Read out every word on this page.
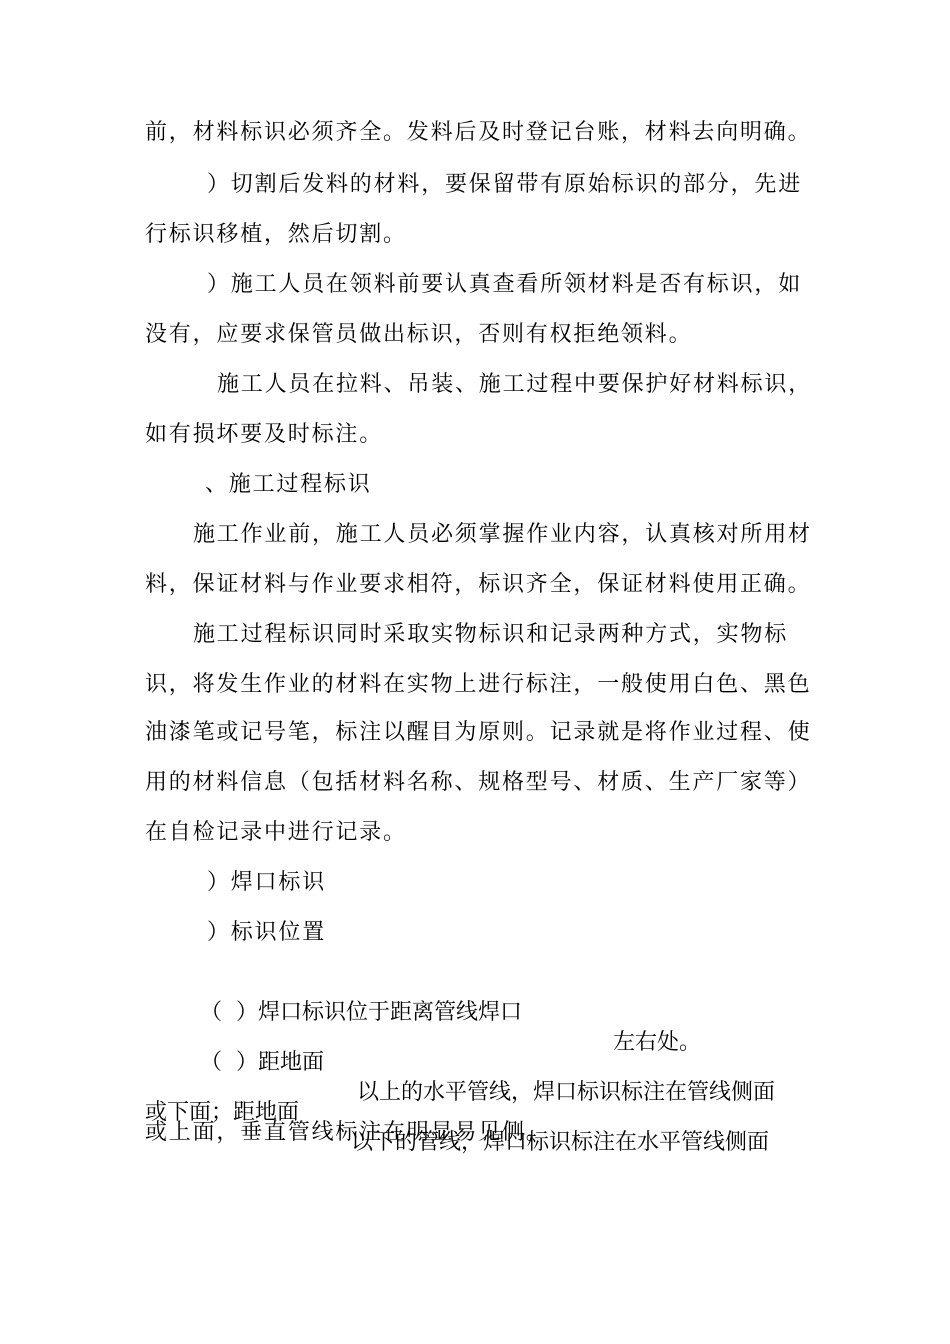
前，材料标识必须齐全。发料后及时登记台账，材料去向明确。
）切割后发料的材料，要保留带有原始标识的部分，先进
行标识移植，然后切割。
）施工人员在领料前要认真查看所领材料是否有标识，如
没有，应要求保管员做出标识，否则有权拒绝领料。
施工人员在拉料、吊装、施工过程中要保护好材料标识，
如有损坏要及时标注。
、施工过程标识
施工作业前，施工人员必须掌握作业内容，认真核对所用材
料，保证材料与作业要求相符，标识齐全，保证材料使用正确。
施工过程标识同时采取实物标识和记录两种方式，实物标
识，将发生作业的材料在实物上进行标注，一般使用白色、黑色
油漆笔或记号笔，标注以醒目为原则。记录就是将作业过程、使
用的材料信息（包括材料名称、规格型号、材质、生产厂家等）
在自检记录中进行记录。
）焊口标识
）标识位置

（  ）焊口标识位于距离管线焊口

左右处。

（  ）距地面

以上的水平管线，焊口标识标注在管线侧面

或下面；距地面

以下的管线，焊口标识标注在水平管线侧面

或上面，垂直管线标注在明显易见侧。
